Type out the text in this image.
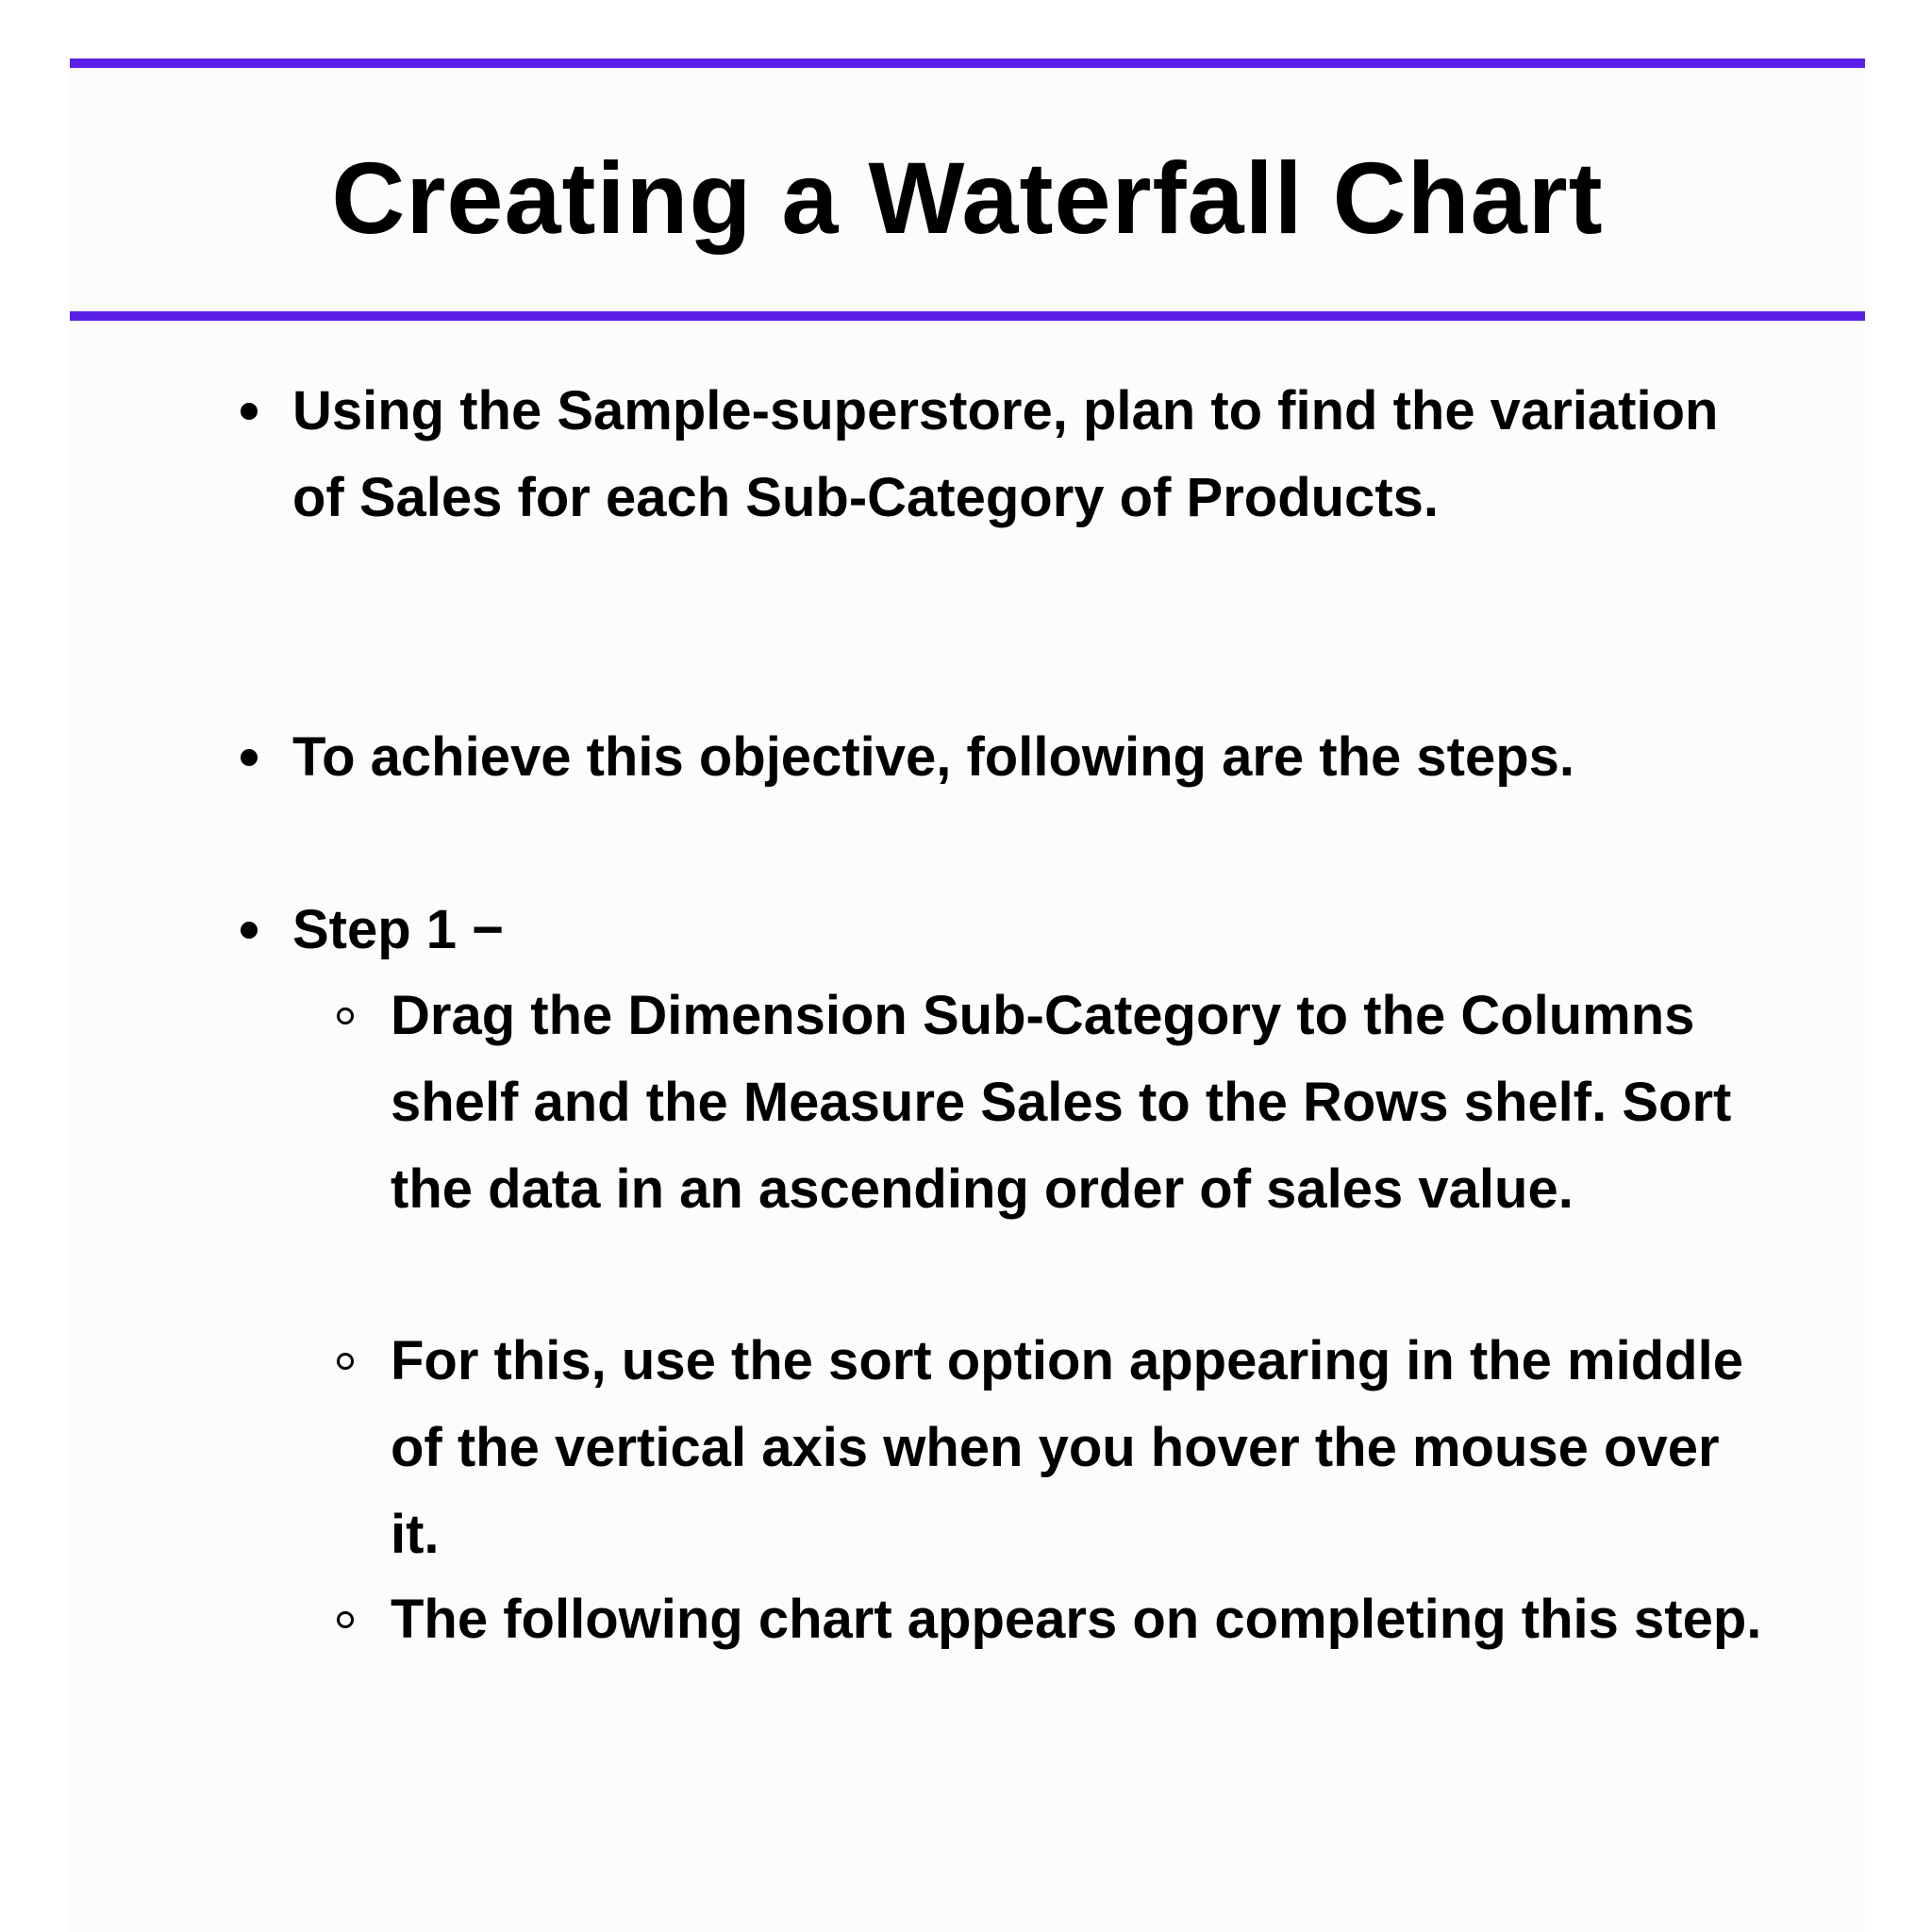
Creating a Waterfall Chart

Using the Sample-superstore, plan to find the variation of Sales for each Sub-Category of Products.

To achieve this objective, following are the steps.

Step 1 −

Drag the Dimension Sub-Category to the Columns shelf and the Measure Sales to the Rows shelf. Sort the data in an ascending order of sales value.

For this, use the sort option appearing in the middle of the vertical axis when you hover the mouse over it.

The following chart appears on completing this step.
